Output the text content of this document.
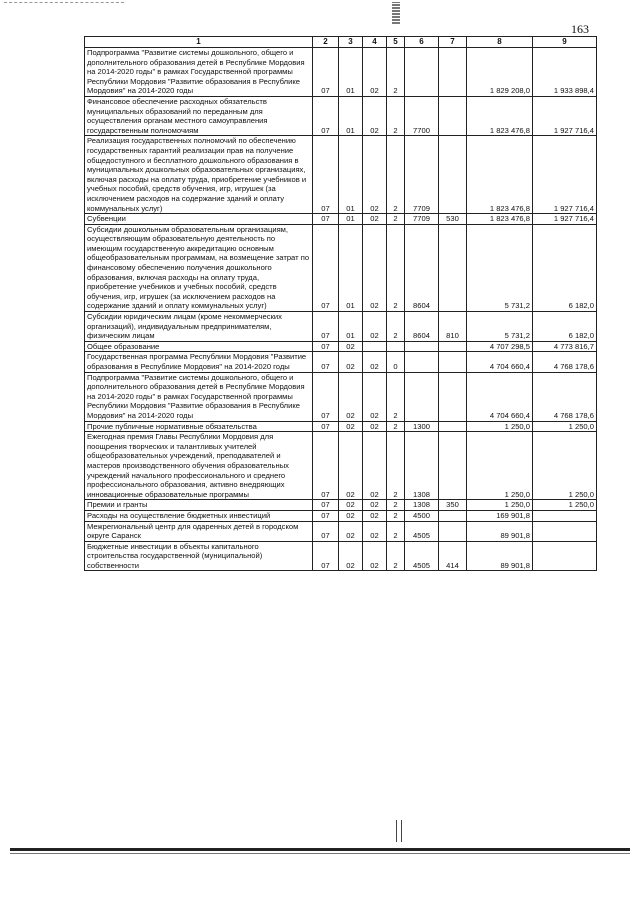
163
1	2	3	4	5	6	7	8	9
Подпрограмма "Развитие системы дошкольного, общего и дополнительного образования детей в Республике Мордовия на 2014-2020 годы" в рамках Государственной программы Республики Мордовия "Развитие образования в Республике Мордовия" на 2014-2020 годы	07	01	02	2			1 829 208,0	1 933 898,4
Финансовое обеспечение расходных обязательств муниципальных образований по переданным для осуществления органам местного самоуправления государственным полномочиям	07	01	02	2	7700		1 823 476,8	1 927 716,4
Реализация государственных полномочий по обеспечению государственных гарантий реализации прав на получение общедоступного и бесплатного дошкольного образования в муниципальных дошкольных образовательных организациях, включая расходы на оплату труда, приобретение учебников и учебных пособий, средств обучения, игр, игрушек (за исключением расходов на содержание зданий и оплату коммунальных услуг)	07	01	02	2	7709		1 823 476,8	1 927 716,4
Субвенции	07	01	02	2	7709	530	1 823 476,8	1 927 716,4
Субсидии дошкольным образовательным организациям, осуществляющим образовательную деятельность по имеющим государственную аккредитацию основным общеобразовательным программам, на возмещение затрат по финансовому обеспечению получения дошкольного образования, включая расходы на оплату труда, приобретение учебников и учебных пособий, средств обучения, игр, игрушек (за исключением расходов на содержание зданий и оплату коммунальных услуг)	07	01	02	2	8604		5 731,2	6 182,0
Субсидии юридическим лицам (кроме некоммерческих организаций), индивидуальным предпринимателям, физическим лицам	07	01	02	2	8604	810	5 731,2	6 182,0
Общее образование	07	02					4 707 298,5	4 773 816,7
Государственная программа Республики Мордовия "Развитие образования в Республике Мордовия" на 2014-2020 годы	07	02	02	0			4 704 660,4	4 768 178,6
Подпрограмма "Развитие системы дошкольного, общего и дополнительного образования детей в Республике Мордовия на 2014-2020 годы" в рамках Государственной программы Республики Мордовия "Развитие образования в Республике Мордовия" на 2014-2020 годы	07	02	02	2			4 704 660,4	4 768 178,6
Прочие публичные нормативные обязательства	07	02	02	2	1300		1 250,0	1 250,0
Ежегодная премия Главы Республики Мордовия для поощрения творческих и талантливых учителей общеобразовательных учреждений, преподавателей и мастеров производственного обучения образовательных учреждений начального профессионального и среднего профессионального образования, активно внедряющих инновационные образовательные программы	07	02	02	2	1308		1 250,0	1 250,0
Премии и гранты	07	02	02	2	1308	350	1 250,0	1 250,0
Расходы на осуществление бюджетных инвестиций	07	02	02	2	4500		169 901,8	
Межрегиональный центр для одаренных детей в городском округе Саранск	07	02	02	2	4505		89 901,8	
Бюджетные инвестиции в объекты капитального строительства государственной (муниципальной) собственности	07	02	02	2	4505	414	89 901,8	
